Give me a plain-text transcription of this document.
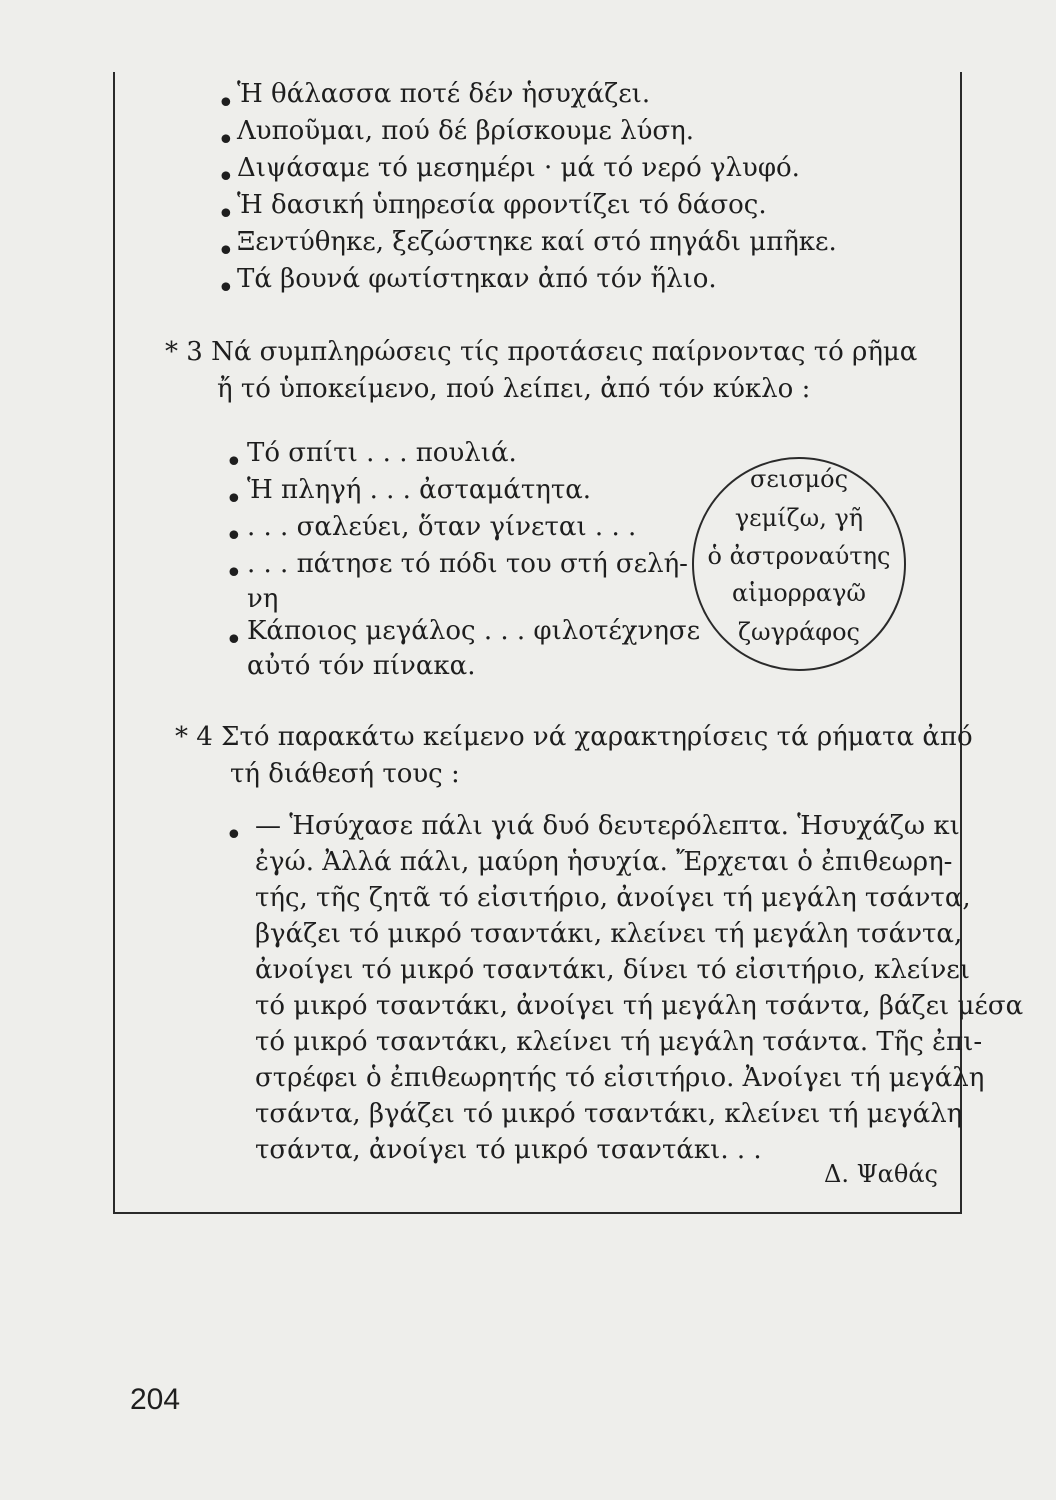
• Ἡ θάλασσα ποτέ δέν ἡσυχάζει.
• Λυποῦμαι, πού δέ βρίσκουμε λύση.
• Διψάσαμε τό μεσημέρι · μά τό νερό γλυφό.
• Ἡ δασική ὑπηρεσία φροντίζει τό δάσος.
• Ξεντύθηκε, ξεζώστηκε καί στό πηγάδι μπῆκε.
• Τά βουνά φωτίστηκαν ἀπό τόν ἥλιο.
* 3 Νά συμπληρώσεις τίς προτάσεις παίρνοντας τό ρῆμα
ἤ τό ὑποκείμενο, πού λείπει, ἀπό τόν κύκλο :
• Τό σπίτι . . . πουλιά.
• Ἡ πληγή . . . ἀσταμάτητα.
• . . . σαλεύει, ὅταν γίνεται . . .
• . . . πάτησε τό πόδι του στή σελή-
νη
• Κάποιος μεγάλος . . . φιλοτέχνησε
αὐτό τόν πίνακα.
σεισμός
γεμίζω, γῆ
ὁ ἀστροναύτης
αἱμορραγῶ
ζωγράφος
* 4 Στό παρακάτω κείμενο νά χαρακτηρίσεις τά ρήματα ἀπό
τή διάθεσή τους :
• — Ἡσύχασε πάλι γιά δυό δευτερόλεπτα. Ἡσυχάζω κι
ἐγώ. Ἀλλά πάλι, μαύρη ἡσυχία. Ἔρχεται ὁ ἐπιθεωρη-
τής, τῆς ζητᾶ τό εἰσιτήριο, ἀνοίγει τή μεγάλη τσάντα,
βγάζει τό μικρό τσαντάκι, κλείνει τή μεγάλη τσάντα,
ἀνοίγει τό μικρό τσαντάκι, δίνει τό εἰσιτήριο, κλείνει
τό μικρό τσαντάκι, ἀνοίγει τή μεγάλη τσάντα, βάζει μέσα
τό μικρό τσαντάκι, κλείνει τή μεγάλη τσάντα. Τῆς ἐπι-
στρέφει ὁ ἐπιθεωρητής τό εἰσιτήριο. Ἀνοίγει τή μεγάλη
τσάντα, βγάζει τό μικρό τσαντάκι, κλείνει τή μεγάλη
τσάντα, ἀνοίγει τό μικρό τσαντάκι. . .
Δ. Ψαθάς
204
